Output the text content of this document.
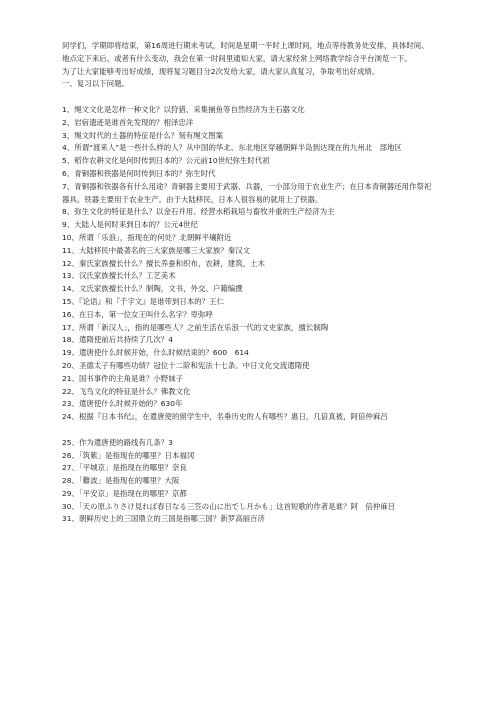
同学们，学期即将结束，第16周进行期末考试，时间是星期一平时上课时间，地点等待教务处安排，具体时间、地点定下来后、或者有什么变动，我会在第一时间里通知大家，请大家经常上网络教学综合平台浏览一下。

为了让大家能够考出好成绩，现将复习题目分2次发给大家，请大家认真复习，争取考出好成绩。

一、复习以下问题。

1、绳文文化是怎样一种文化？以狩猎、采集捕鱼等自然经济为主石器文化

2、岩宿遗迹是谁首先发现的？相泽忠洋

3、绳文时代的土器的特征是什么？刻有绳文图案

4、所谓“渡来人”是一些什么样的人？从中国的华北、东北地区穿越朝鲜半岛到达现在的九州北　部地区

5、稻作农耕文化是何时传到日本的？公元前10世纪弥生时代初

6、青铜器和铁器是何时传到日本的？弥生时代

7、青铜器和铁器各有什么用途？青铜器主要用于武器、兵器，一小部分用于农业生产；在日本青铜器还用作祭祀器具。铁器主要用于农业生产。由于大陆移民，日本人很容易的就用上了铁器。

8、弥生文化的特征是什么？以金石并用、经营水稻栽培与畜牧并重的生产经济为主

9、大陆人是何时来到日本的？公元4世纪

10、所谓「乐浪」，指现在的何处？北朝鲜平壤附近

11、大陆移民中最著名的三大家族是哪三大家族？秦汉文

12、秦氏家族擅长什么？擅长养蚕和织布，农耕，建筑、土木

13、汉氏家族擅长什么？工艺美术

14、文氏家族擅长什么？制陶，文书，外交、户籍编撰

15、『论语』和『千字文』是谁带到日本的？王仁

16、在日本，第一位女王叫什么名字？卑弥呼

17、所谓「新汉人」，指的是哪些人？之前生活在乐浪一代的文史家族，擅长制陶

18、遣隋使前后共持续了几次？4

19、遣唐使什么时候开始，什么时候结束的？600　614

20、圣德太子有哪些功绩？冠位十二阶和宪法十七条。中日文化交流遣隋使

21、国书事件的主角是谁？小野妹子

22、飞鸟文化的特征是什么？佛教文化

23、遣唐使什么时候开始的？630年

24、根据『日本书纪』，在遣唐使的留学生中，名垂历史的人有哪些？惠日，几倍真被，阿倍仲麻吕

25、作为遣唐使的路线有几条？3

26、「筑紫」是指现在的哪里？日本福冈

27、「平城京」是指现在的哪里？奈良

28、「難波」是指现在的哪里？大阪

29、「平安京」是指现在的哪里？京都

30、「天の原ふりさけ見れば春日なる三笠の山に出でし月かも」这首短歌的作者是谁？阿　倍仲麻吕

31、朝鲜历史上的三国鼎立的三国是指哪三国？新罗高丽百济
